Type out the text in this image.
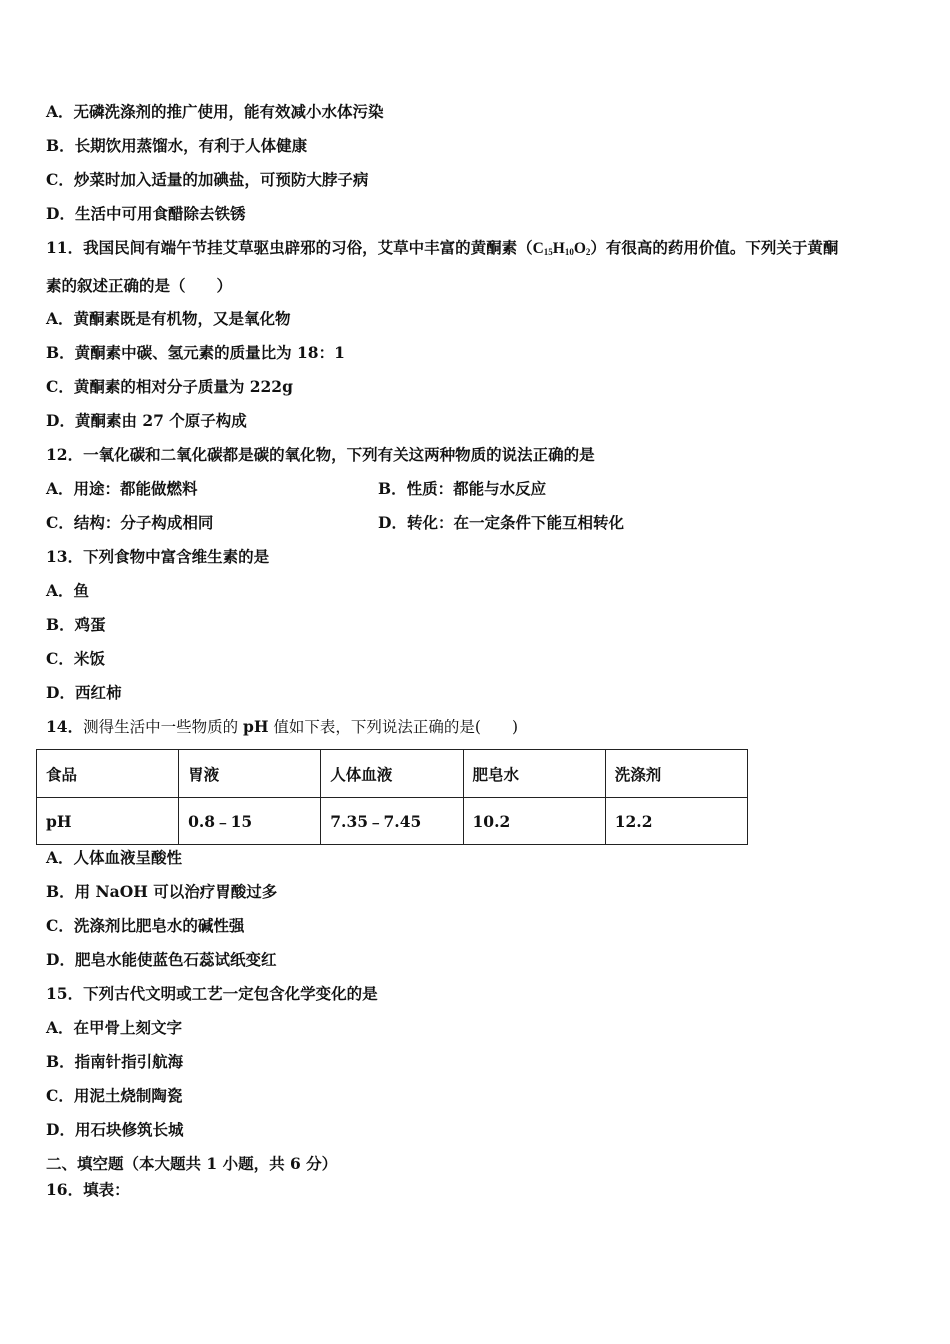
A．无磷洗涤剂的推广使用，能有效减小水体污染
B．长期饮用蒸馏水，有利于人体健康
C．炒菜时加入适量的加碘盐，可预防大脖子病
D．生活中可用食醋除去铁锈
11．我国民间有端午节挂艾草驱虫辟邪的习俗，艾草中丰富的黄酮素$(C_{15}H_{10}O_2)$有很高的药用价值。下列关于黄酮
素的叙述正确的是（　　）
A．黄酮素既是有机物，又是氧化物
B．黄酮素中碳、氢元素的质量比为 18：1
C．黄酮素的相对分子质量为 222g
D．黄酮素由 27 个原子构成
12．一氧化碳和二氧化碳都是碳的氧化物，下列有关这两种物质的说法正确的是
A．用途：都能做燃料	B．性质：都能与水反应
C．结构：分子构成相同	D．转化：在一定条件下能互相转化
13．下列食物中富含维生素的是
A．鱼
B．鸡蛋
C．米饭
D．西红柿
14．测得生活中一些物质的 pH 值如下表，下列说法正确的是(　　)
食品	胃液	人体血液	肥皂水	洗涤剂
pH	0.8﹣15	7.35﹣7.45	10.2	12.2
A．人体血液呈酸性
B．用 NaOH 可以治疗胃酸过多
C．洗涤剂比肥皂水的碱性强
D．肥皂水能使蓝色石蕊试纸变红
15．下列古代文明或工艺一定包含化学变化的是
A．在甲骨上刻文字
B．指南针指引航海
C．用泥土烧制陶瓷
D．用石块修筑长城
二、填空题（本大题共 1 小题，共 6 分）
16．填表：
